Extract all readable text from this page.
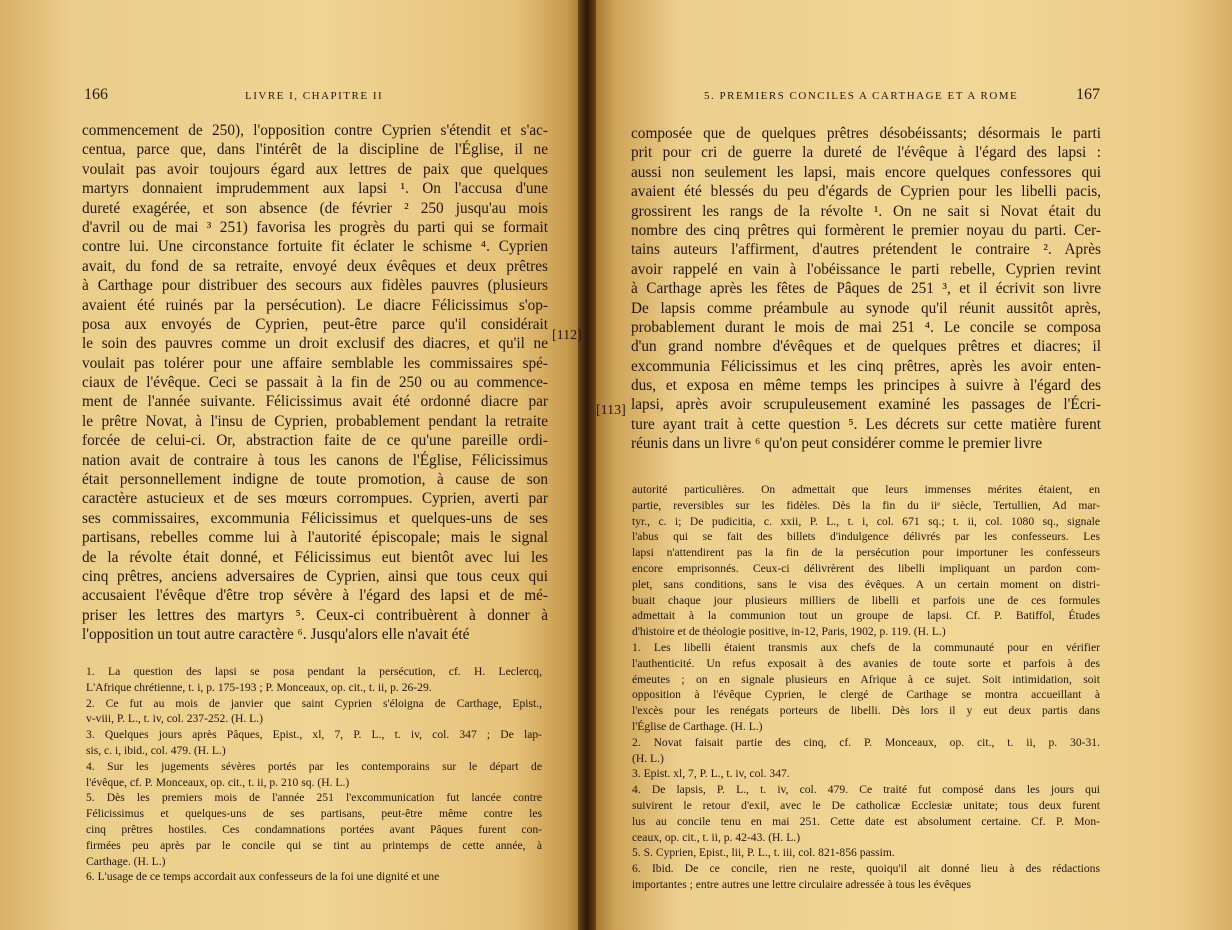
166	LIVRE I, CHAPITRE II
commencement de 250), l'opposition contre Cyprien s'étendit et s'ac-
centua, parce que, dans l'intérêt de la discipline de l'Église, il ne
voulait pas avoir toujours égard aux lettres de paix que quelques
martyrs donnaient imprudemment aux lapsi ¹. On l'accusa d'une
dureté exagérée, et son absence (de février ² 250 jusqu'au mois
d'avril ou de mai ³ 251) favorisa les progrès du parti qui se formait
contre lui. Une circonstance fortuite fit éclater le schisme ⁴. Cyprien
avait, du fond de sa retraite, envoyé deux évêques et deux prêtres
à Carthage pour distribuer des secours aux fidèles pauvres (plusieurs
avaient été ruinés par la persécution). Le diacre Félicissimus s'op-
posa aux envoyés de Cyprien, peut-être parce qu'il considérait
le soin des pauvres comme un droit exclusif des diacres, et qu'il ne
voulait pas tolérer pour une affaire semblable les commissaires spé-
ciaux de l'évêque. Ceci se passait à la fin de 250 ou au commence-
ment de l'année suivante. Félicissimus avait été ordonné diacre par
le prêtre Novat, à l'insu de Cyprien, probablement pendant la retraite
forcée de celui-ci. Or, abstraction faite de ce qu'une pareille ordi-
nation avait de contraire à tous les canons de l'Église, Félicissimus
était personnellement indigne de toute promotion, à cause de son
caractère astucieux et de ses mœurs corrompues. Cyprien, averti par
ses commissaires, excommunia Félicissimus et quelques-uns de ses
partisans, rebelles comme lui à l'autorité épiscopale; mais le signal
de la révolte était donné, et Félicissimus eut bientôt avec lui les
cinq prêtres, anciens adversaires de Cyprien, ainsi que tous ceux qui
accusaient l'évêque d'être trop sévère à l'égard des lapsi et de mé-
priser les lettres des martyrs ⁵. Ceux-ci contribuèrent à donner à
l'opposition un tout autre caractère ⁶. Jusqu'alors elle n'avait été
1. La question des lapsi se posa pendant la persécution, cf. H. Leclercq,
L'Afrique chrétienne, t. i, p. 175-193 ; P. Monceaux, op. cit., t. ii, p. 26-29.
2. Ce fut au mois de janvier que saint Cyprien s'éloigna de Carthage, Epist.,
v-viii, P. L., t. iv, col. 237-252. (H. L.)
3. Quelques jours après Pâques, Epist., xl, 7, P. L., t. iv, col. 347 ; De lap-
sis, c. i, ibid., col. 479. (H. L.)
4. Sur les jugements sévères portés par les contemporains sur le départ de
l'évêque, cf. P. Monceaux, op. cit., t. ii, p. 210 sq. (H. L.)
5. Dès les premiers mois de l'année 251 l'excommunication fut lancée contre
Félicissimus et quelques-uns de ses partisans, peut-être même contre les
cinq prêtres hostiles. Ces condamnations portées avant Pâques furent con-
firmées peu après par le concile qui se tint au printemps de cette année, à
Carthage. (H. L.)
6. L'usage de ce temps accordait aux confesseurs de la foi une dignité et une
5. PREMIERS CONCILES A CARTHAGE ET A ROME	167
composée que de quelques prêtres désobéissants; désormais le parti
prit pour cri de guerre la dureté de l'évêque à l'égard des lapsi :
aussi non seulement les lapsi, mais encore quelques confessores qui
avaient été blessés du peu d'égards de Cyprien pour les libelli pacis,
grossirent les rangs de la révolte ¹. On ne sait si Novat était du
nombre des cinq prêtres qui formèrent le premier noyau du parti. Cer-
tains auteurs l'affirment, d'autres prétendent le contraire ². Après
avoir rappelé en vain à l'obéissance le parti rebelle, Cyprien revint
à Carthage après les fêtes de Pâques de 251 ³, et il écrivit son livre
De lapsis comme préambule au synode qu'il réunit aussitôt après,
probablement durant le mois de mai 251 ⁴. Le concile se composa
d'un grand nombre d'évêques et de quelques prêtres et diacres; il
excommunia Félicissimus et les cinq prêtres, après les avoir enten-
dus, et exposa en même temps les principes à suivre à l'égard des
lapsi, après avoir scrupuleusement examiné les passages de l'Écri-
ture ayant trait à cette question ⁵. Les décrets sur cette matière furent
réunis dans un livre ⁶ qu'on peut considérer comme le premier livre
autorité particulières. On admettait que leurs immenses mérites étaient, en
partie, reversibles sur les fidèles. Dès la fin du iiᵉ siècle, Tertullien, Ad mar-
tyr., c. i; De pudicitia, c. xxii, P. L., t. i, col. 671 sq.; t. ii, col. 1080 sq., signale
l'abus qui se fait des billets d'indulgence délivrés par les confesseurs. Les
lapsi n'attendirent pas la fin de la persécution pour importuner les confesseurs
encore emprisonnés. Ceux-ci délivrèrent des libelli impliquant un pardon com-
plet, sans conditions, sans le visa des évêques. A un certain moment on distri-
buait chaque jour plusieurs milliers de libelli et parfois une de ces formules
admettait à la communion tout un groupe de lapsi. Cf. P. Batiffol, Études
d'histoire et de théologie positive, in-12, Paris, 1902, p. 119. (H. L.)
1. Les libelli étaient transmis aux chefs de la communauté pour en vérifier
l'authenticité. Un refus exposait à des avanies de toute sorte et parfois à des
émeutes ; on en signale plusieurs en Afrique à ce sujet. Soit intimidation, soit
opposition à l'évêque Cyprien, le clergé de Carthage se montra accueillant à
l'excès pour les renégats porteurs de libelli. Dès lors il y eut deux partis dans
l'Église de Carthage. (H. L.)
2. Novat faisait partie des cinq, cf. P. Monceaux, op. cit., t. ii, p. 30-31.
(H. L.)
3. Epist. xl, 7, P. L., t. iv, col. 347.
4. De lapsis, P. L., t. iv, col. 479. Ce traité fut composé dans les jours qui
suivirent le retour d'exil, avec le De catholicæ Ecclesiæ unitate; tous deux furent
lus au concile tenu en mai 251. Cette date est absolument certaine. Cf. P. Mon-
ceaux, op. cit., t. ii, p. 42-43. (H. L.)
5. S. Cyprien, Epist., lii, P. L., t. iii, col. 821-856 passim.
6. Ibid. De ce concile, rien ne reste, quoiqu'il ait donné lieu à des rédactions
importantes ; entre autres une lettre circulaire adressée à tous les évêques
[112]
[113]
